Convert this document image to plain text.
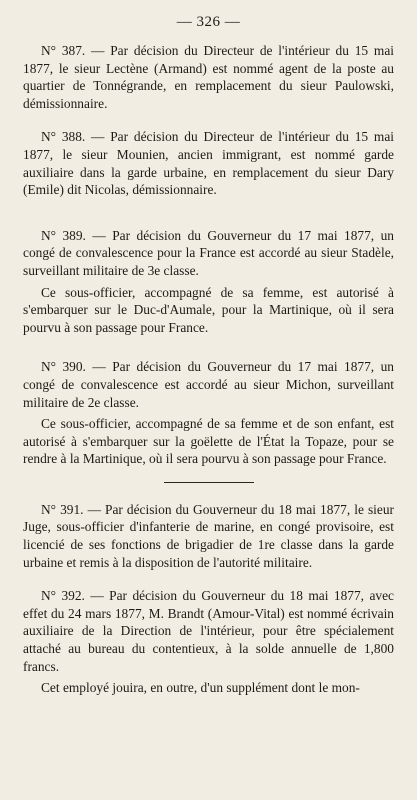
— 326 —

N° 387. — Par décision du Directeur de l'intérieur du 15 mai 1877, le sieur Lectène (Armand) est nommé agent de la poste au quartier de Tonnégrande, en remplacement du sieur Paulowski, démissionnaire.

N° 388. — Par décision du Directeur de l'intérieur du 15 mai 1877, le sieur Mounien, ancien immigrant, est nommé garde auxiliaire dans la garde urbaine, en remplacement du sieur Dary (Emile) dit Nicolas, démissionnaire.

N° 389. — Par décision du Gouverneur du 17 mai 1877, un congé de convalescence pour la France est accordé au sieur Stadèle, surveillant militaire de 3e classe.

Ce sous-officier, accompagné de sa femme, est autorisé à s'embarquer sur le Duc-d'Aumale, pour la Martinique, où il sera pourvu à son passage pour France.

N° 390. — Par décision du Gouverneur du 17 mai 1877, un congé de convalescence est accordé au sieur Michon, surveillant militaire de 2e classe.

Ce sous-officier, accompagné de sa femme et de son enfant, est autorisé à s'embarquer sur la goëlette de l'État la Topaze, pour se rendre à la Martinique, où il sera pourvu à son passage pour France.

N° 391. — Par décision du Gouverneur du 18 mai 1877, le sieur Juge, sous-officier d'infanterie de marine, en congé provisoire, est licencié de ses fonctions de brigadier de 1re classe dans la garde urbaine et remis à la disposition de l'autorité militaire.

N° 392. — Par décision du Gouverneur du 18 mai 1877, avec effet du 24 mars 1877, M. Brandt (Amour-Vital) est nommé écrivain auxiliaire de la Direction de l'intérieur, pour être spécialement attaché au bureau du contentieux, à la solde annuelle de 1,800 francs.

Cet employé jouira, en outre, d'un supplément dont le mon-
